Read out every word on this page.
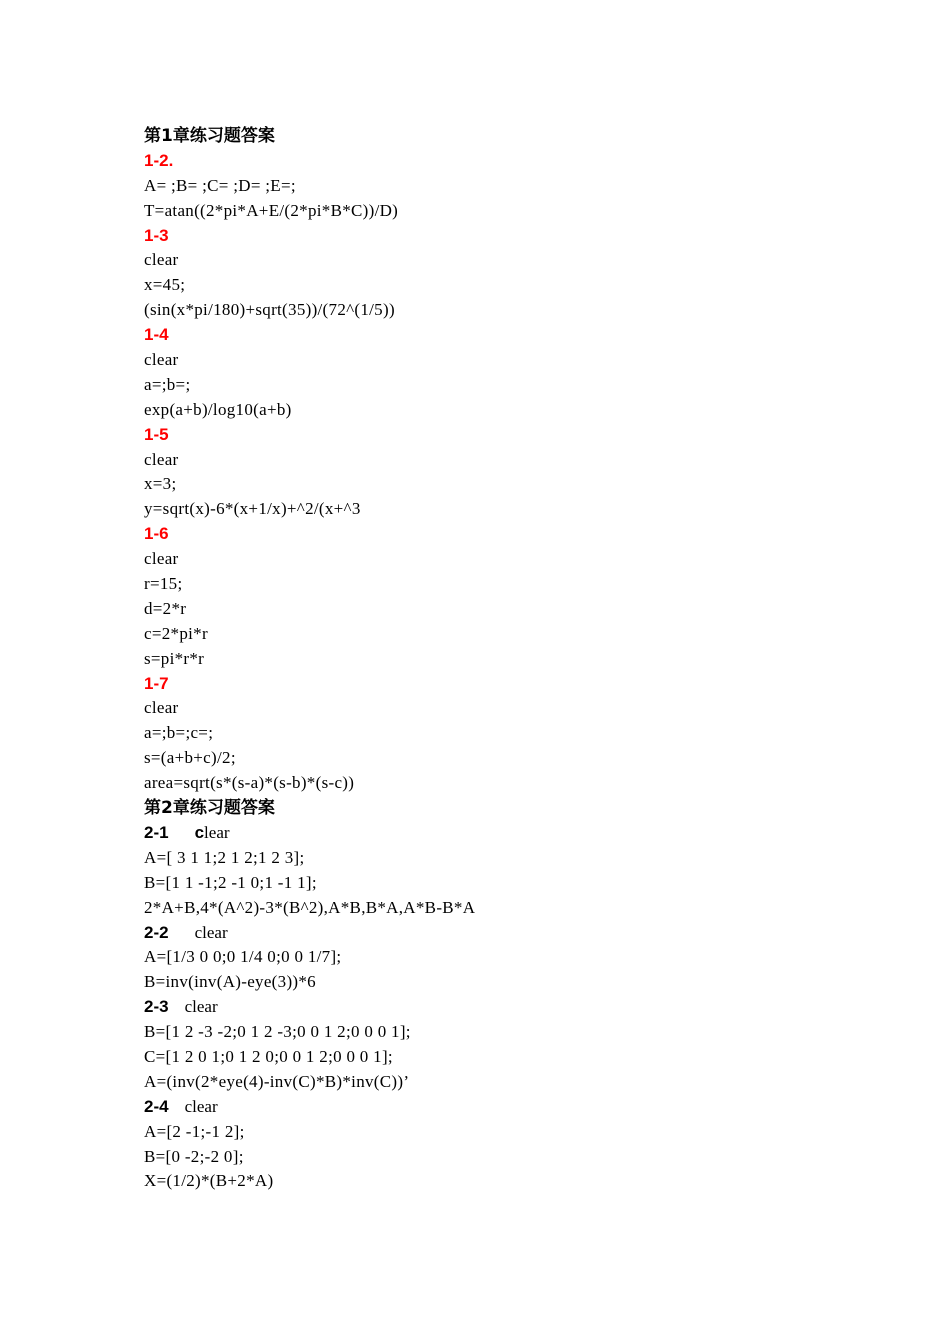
第1章练习题答案
1-2.
A= ;B= ;C= ;D= ;E=;
T=atan((2*pi*A+E/(2*pi*B*C))/D)
1-3
clear
x=45;
(sin(x*pi/180)+sqrt(35))/(72^(1/5))
1-4
clear
a=;b=;
exp(a+b)/log10(a+b)
1-5
clear
x=3;
y=sqrt(x)-6*(x+1/x)+^2/(x+^3
1-6
clear
r=15;
d=2*r
c=2*pi*r
s=pi*r*r
1-7
clear
a=;b=;c=;
s=(a+b+c)/2;
area=sqrt(s*(s-a)*(s-b)*(s-c))
第2章练习题答案
2-1 clear
A=[ 3 1 1;2 1 2;1 2 3];
B=[1 1 -1;2 -1 0;1 -1 1];
2*A+B,4*(A^2)-3*(B^2),A*B,B*A,A*B-B*A
2-2 clear
A=[1/3 0 0;0 1/4 0;0 0 1/7];
B=inv(inv(A)-eye(3))*6
2-3 clear
B=[1 2 -3 -2;0 1 2 -3;0 0 1 2;0 0 0 1];
C=[1 2 0 1;0 1 2 0;0 0 1 2;0 0 0 1];
A=(inv(2*eye(4)-inv(C)*B)*inv(C))’
2-4 clear
A=[2 -1;-1 2];
B=[0 -2;-2 0];
X=(1/2)*(B+2*A)
